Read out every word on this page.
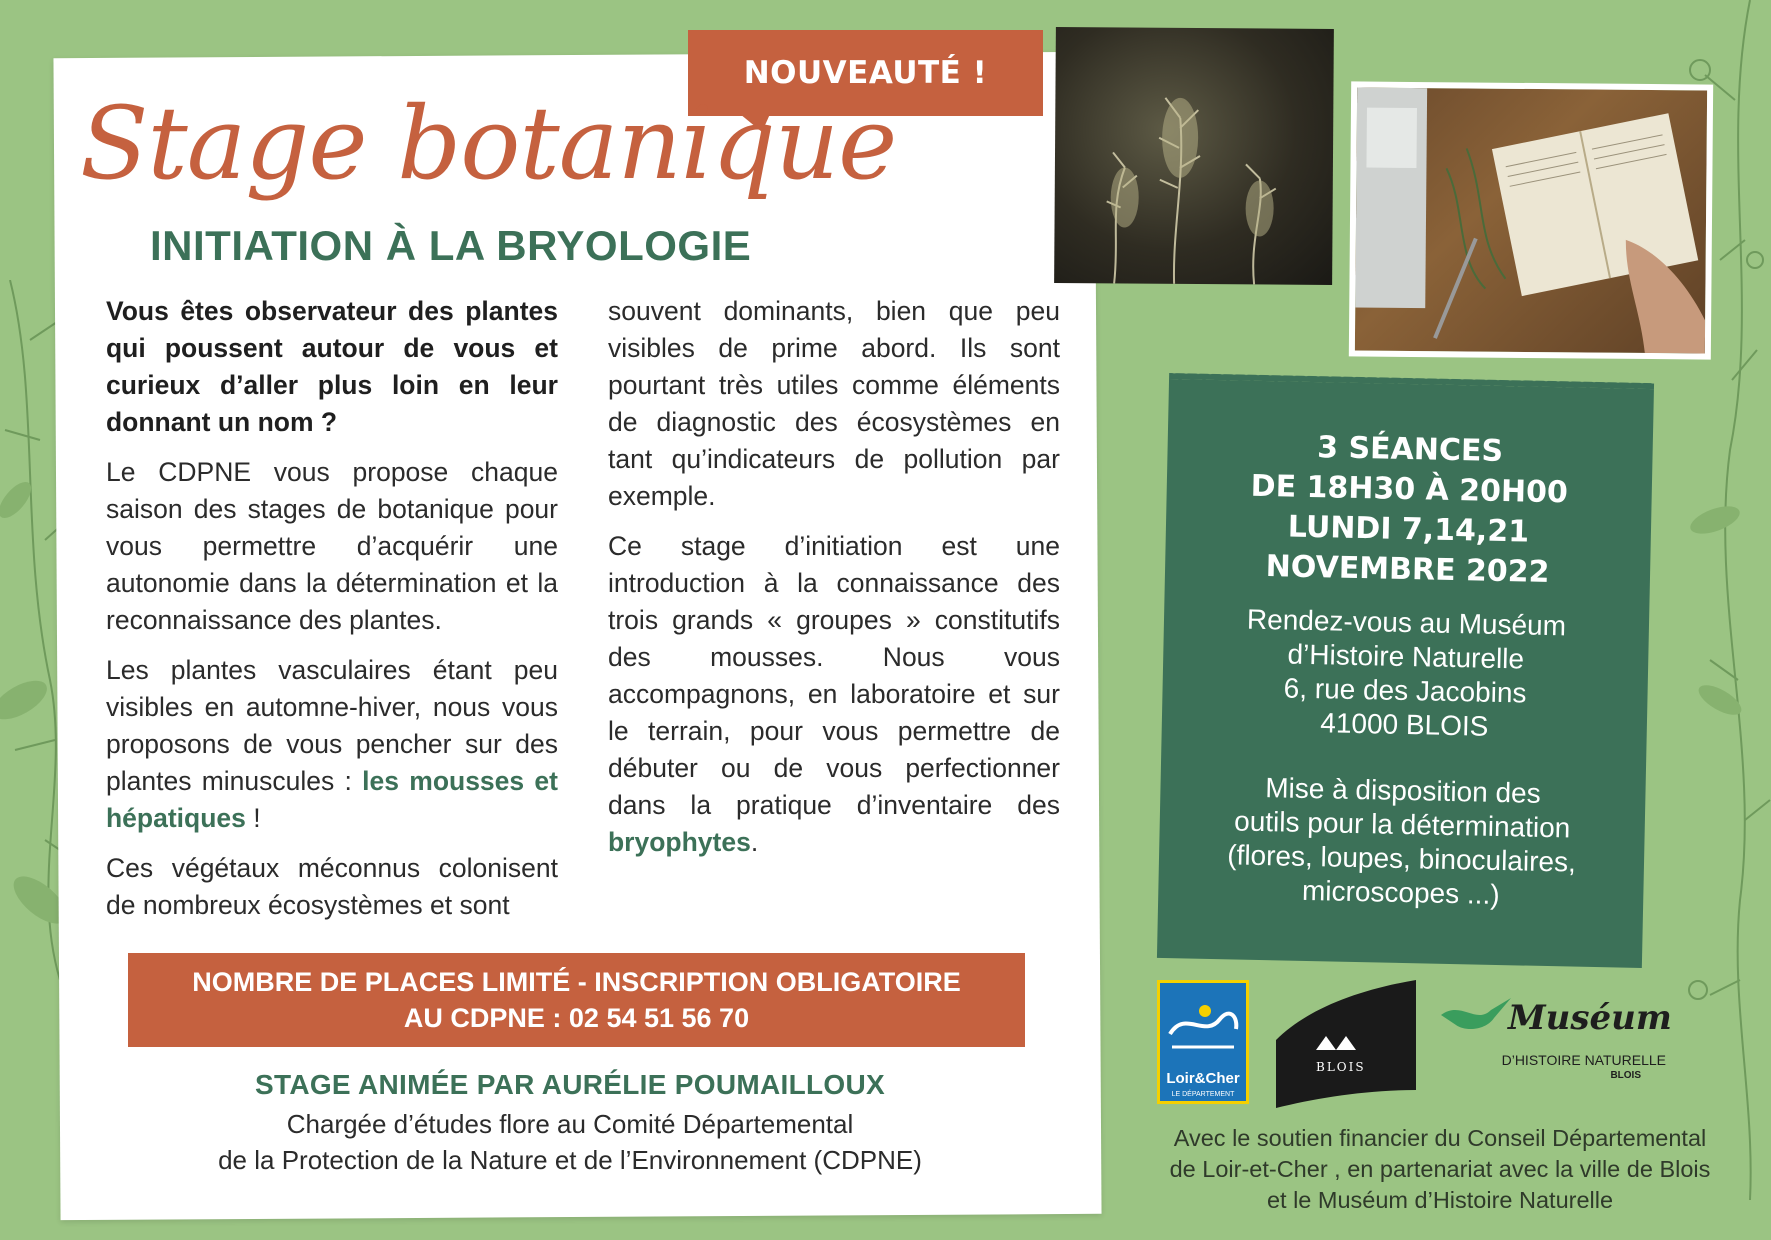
NOUVEAUTÉ !
Stage botanique
INITIATION À LA BRYOLOGIE

Vous êtes observateur des plantes qui poussent autour de vous et curieux d’aller plus loin en leur donnant un nom ?

Le CDPNE vous propose chaque saison des stages de botanique pour vous permettre d’acquérir une autonomie dans la détermination et la reconnaissance des plantes.

Les plantes vasculaires étant peu visibles en automne-hiver, nous vous proposons de vous pencher sur des plantes minuscules : les mousses et hépatiques !

Ces végétaux méconnus colonisent de nombreux écosystèmes et sont

souvent dominants, bien que peu visibles de prime abord. Ils sont pourtant très utiles comme éléments de diagnostic des écosystèmes en tant qu’indicateurs de pollution par exemple.

Ce stage d’initiation est une introduction à la connaissance des trois grands « groupes » constitutifs des mousses. Nous vous accompagnons, en laboratoire et sur le terrain, pour vous permettre de débuter ou de vous perfectionner dans la pratique d’inventaire des bryophytes.

NOMBRE DE PLACES LIMITÉ - INSCRIPTION OBLIGATOIRE
AU CDPNE : 02 54 51 56 70
STAGE ANIMÉE PAR AURÉLIE POUMAILLOUX
Chargée d’études flore au Comité Départemental
de la Protection de la Nature et de l’Environnement (CDPNE)
3 SÉANCES
DE 18H30 À 20H00
LUNDI 7,14,21
NOVEMBRE 2022
Rendez-vous au Muséum
d’Histoire Naturelle
6, rue des Jacobins
41000 BLOIS
Mise à disposition des
outils pour la détermination
(flores, loupes, binoculaires,
microscopes ...)
Loir&Cher
LE DÉPARTEMENT
BLOIS
Muséum
D’HISTOIRE NATURELLE
BLOIS
Avec le soutien financier du Conseil Départemental
de Loir-et-Cher , en partenariat avec la ville de Blois
et le Muséum d’Histoire Naturelle
